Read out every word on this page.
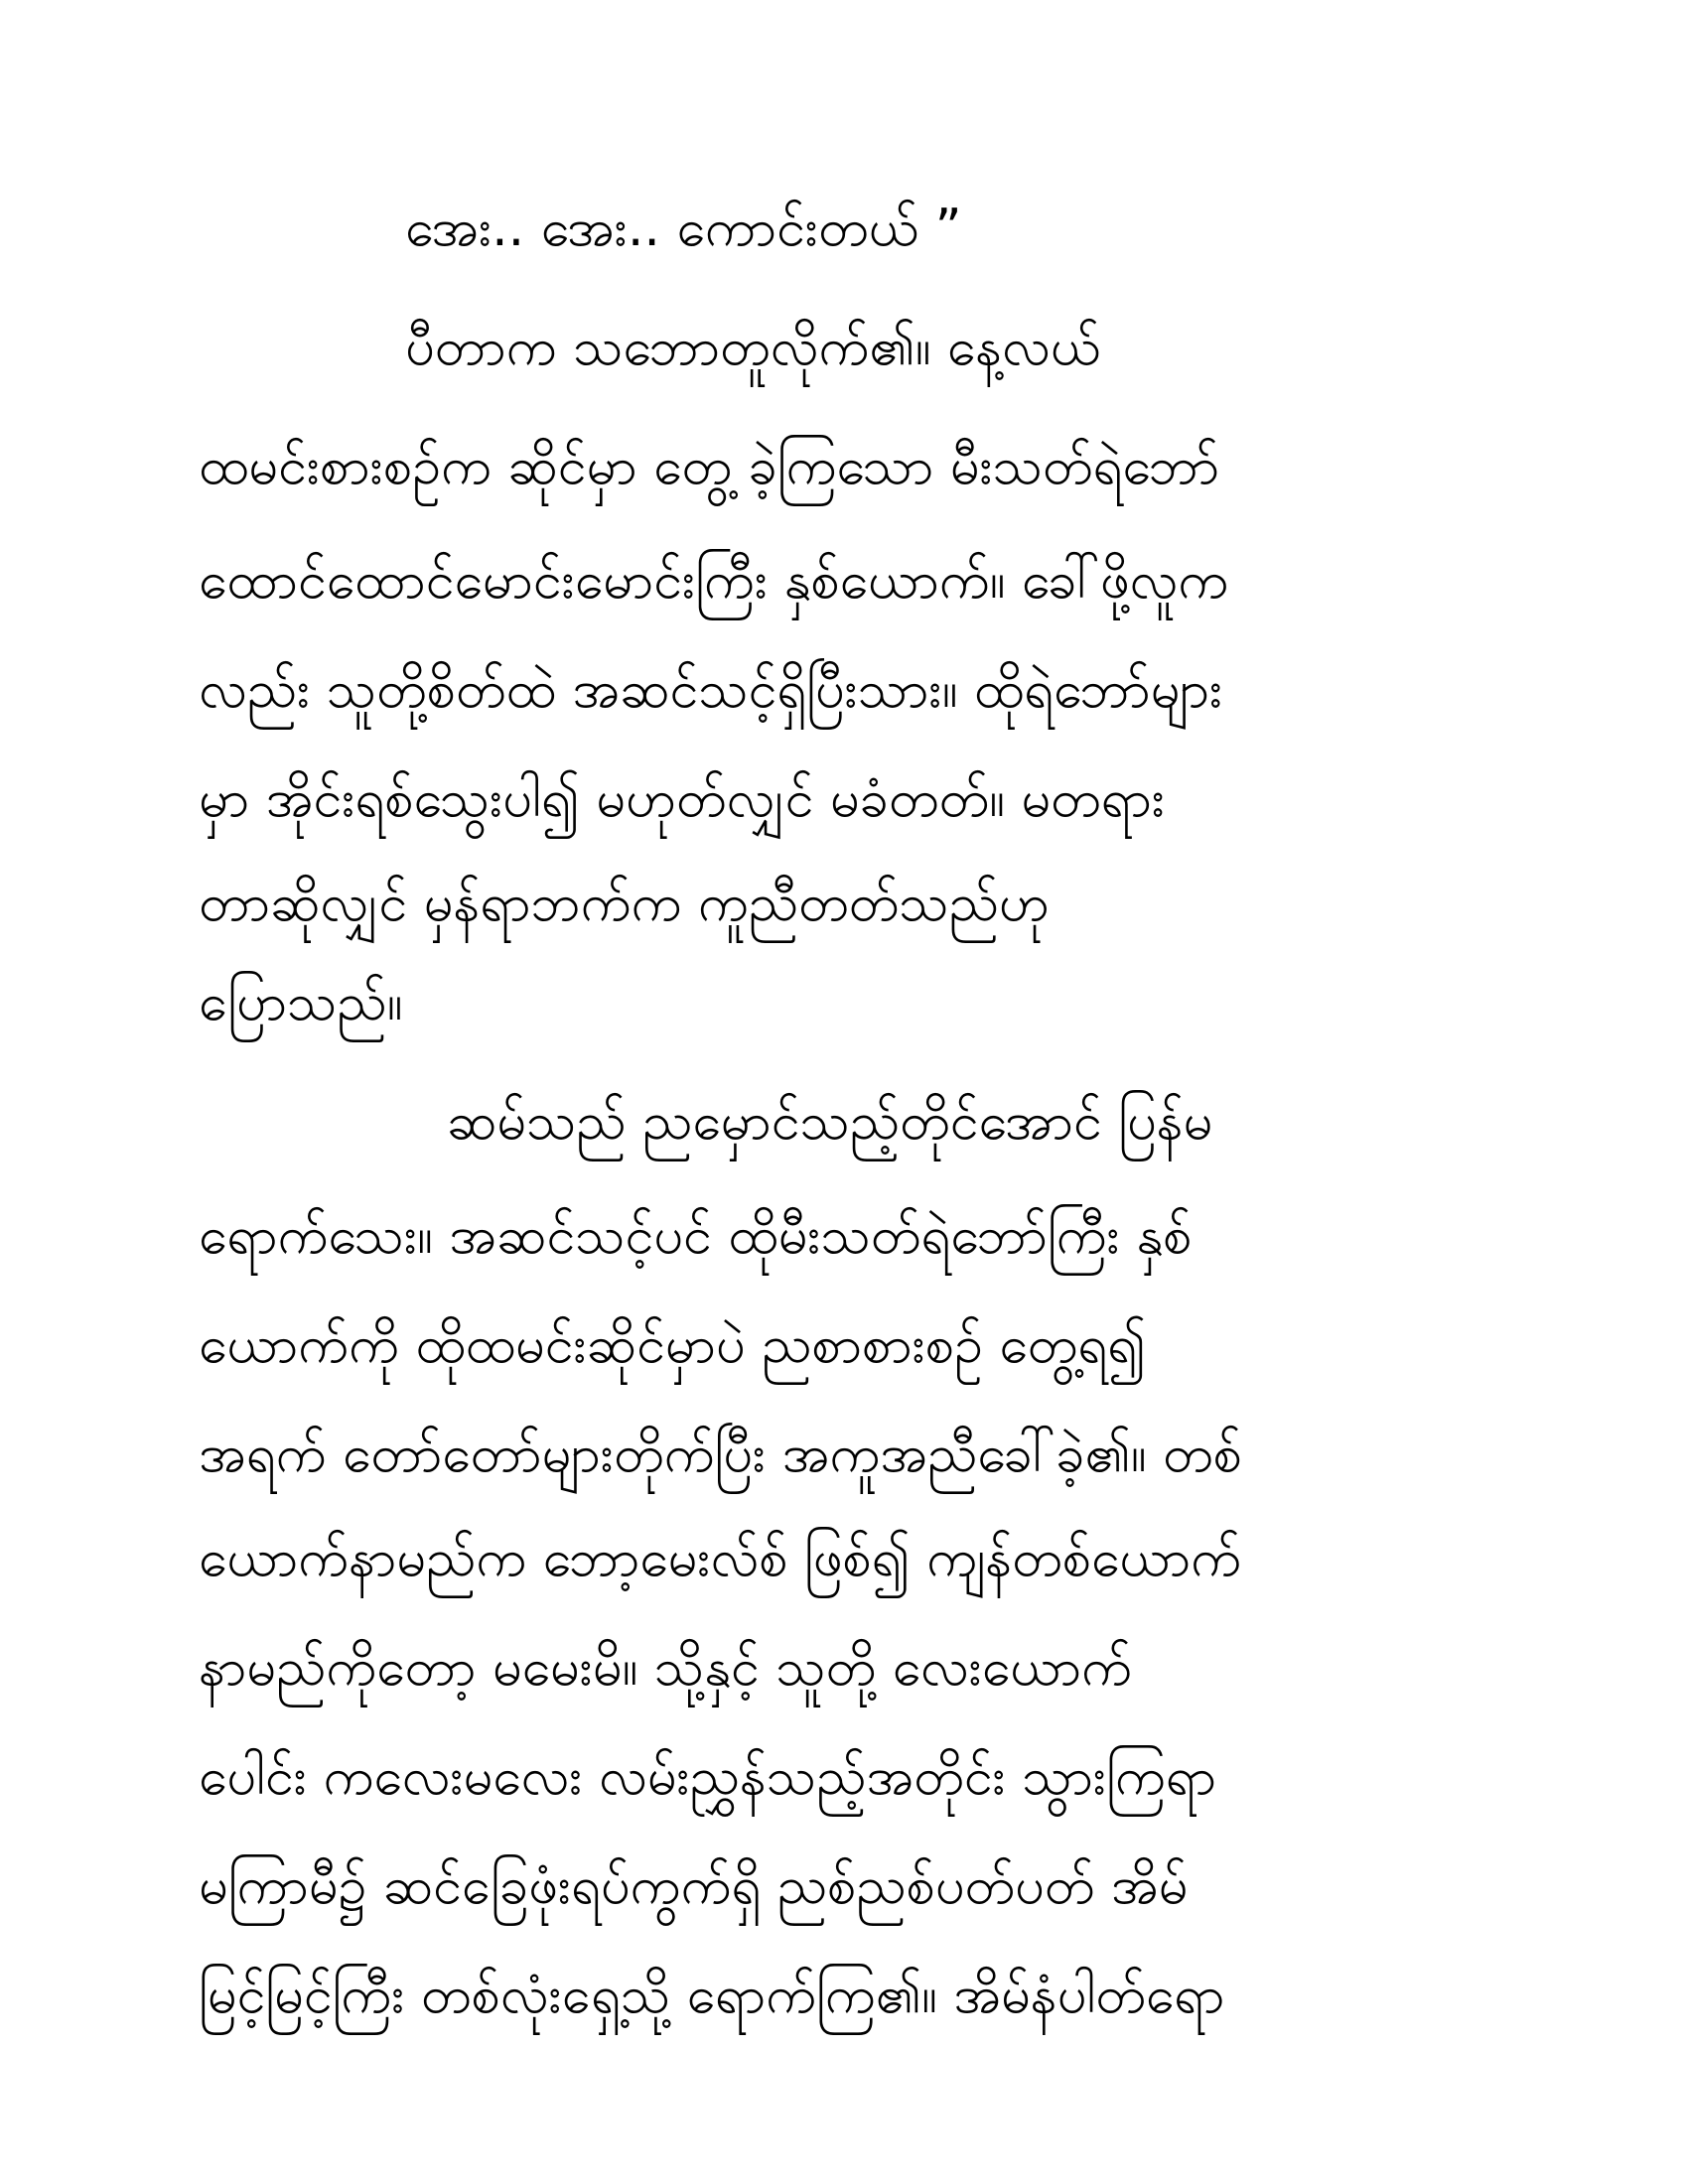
အေး.. အေး.. ကောင်းတယ် ”
ပီတာက သဘောတူလိုက်၏။ နေ့လယ်
ထမင်းစားစဉ်က ဆိုင်မှာ တွေ့ ခဲ့ကြသော မီးသတ်ရဲဘော်
ထောင်ထောင်မောင်းမောင်းကြီး နှစ်ယောက်။ ခေါ်ဖို့လူက
လည်း သူတို့စိတ်ထဲ အဆင်သင့်ရှိပြီးသား။ ထိုရဲဘော်များ
မှာ အိုင်းရစ်သွေးပါ၍ မဟုတ်လျှင် မခံတတ်။ မတရား
တာဆိုလျှင် မှန်ရာဘက်က ကူညီတတ်သည်ဟု
ပြောသည်။
ဆမ်သည် ညမှောင်သည့်တိုင်အောင် ပြန်မ
ရောက်သေး။ အဆင်သင့်ပင် ထိုမီးသတ်ရဲဘော်ကြီး နှစ်
ယောက်ကို ထိုထမင်းဆိုင်မှာပဲ ညစာစားစဉ် တွေ့ရ၍
အရက် တော်တော်များတိုက်ပြီး အကူအညီခေါ်ခဲ့၏။ တစ်
ယောက်နာမည်က ဘော့မေးလ်စ် ဖြစ်၍ ကျန်တစ်ယောက်
နာမည်ကိုတော့ မမေးမိ။ သို့နှင့် သူတို့ လေးယောက်
ပေါင်း ကလေးမလေး လမ်းညွှန်သည့်အတိုင်း သွားကြရာ
မကြာမီ၌ ဆင်ခြေဖုံးရပ်ကွက်ရှိ ညစ်ညစ်ပတ်ပတ် အိမ်
မြင့်မြင့်ကြီး တစ်လုံးရှေ့သို့ ရောက်ကြ၏။ အိမ်နံပါတ်ရော
